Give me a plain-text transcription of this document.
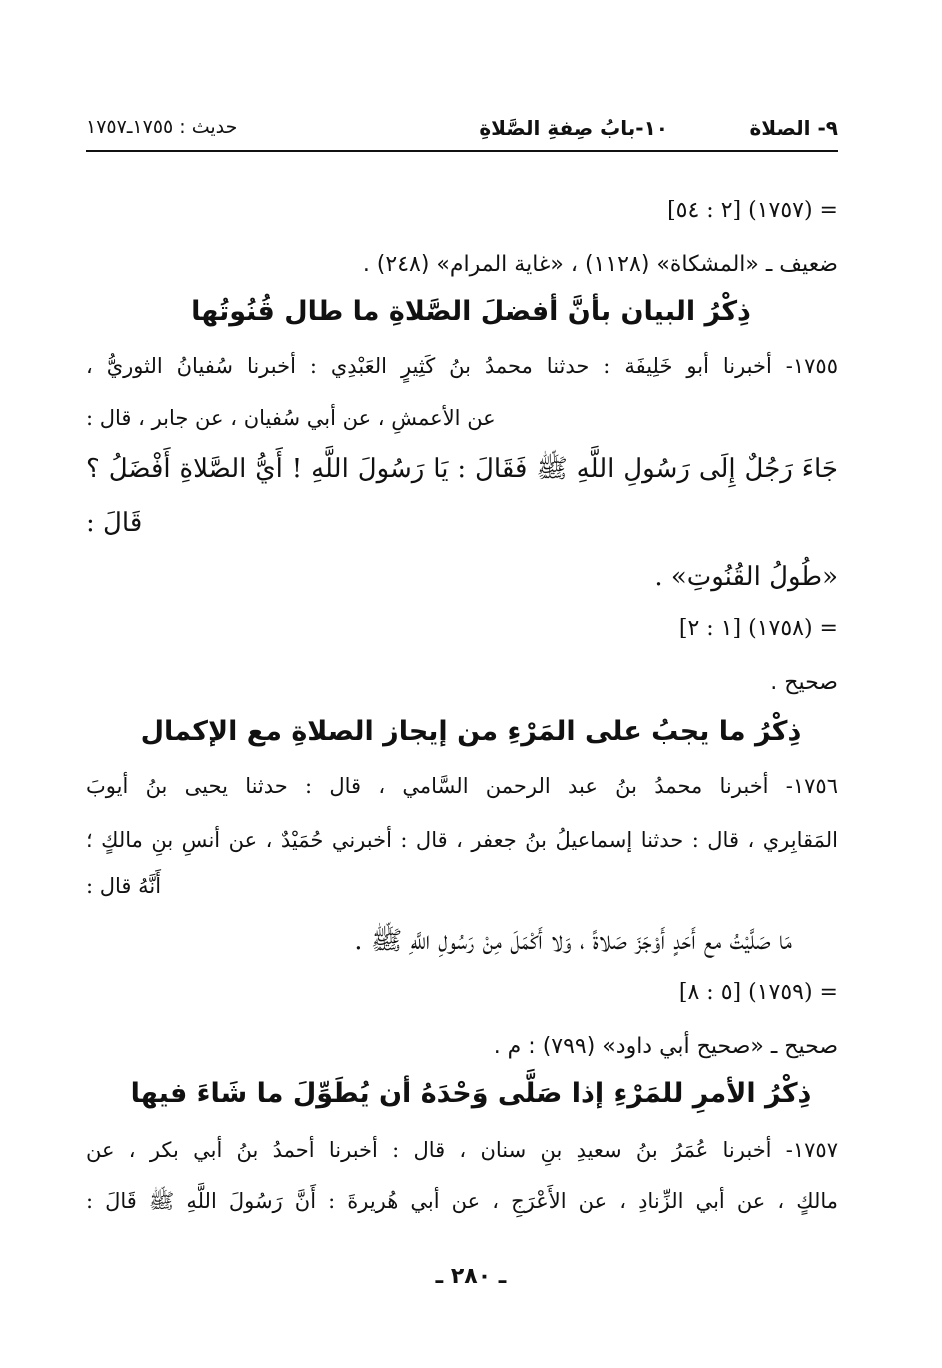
٩- الصلاة
١٠-بابُ صِفةِ الصَّلاةِ
حديث : ١٧٥٥ـ١٧٥٧
= (١٧٥٧) [٢ : ٥٤]
ضعيف ـ «المشكاة» (١١٢٨) ، «غاية المرام» (٢٤٨) .
ذِكْرُ البيان بأنَّ أفضلَ الصَّلاةِ ما طال قُنُوتُها
١٧٥٥- أخبرنا أبو خَلِيفَة : حدثنا محمدُ بنُ كَثِيرٍ العَبْدِي : أخبرنا سُفيانُ الثوريُّ ،
عن الأعمشِ ، عن أبي سُفيان ، عن جابر ، قال :
جَاءَ رَجُلٌ إِلَى رَسُولِ اللَّهِ ﷺ فَقَالَ : يَا رَسُولَ اللَّهِ ! أَيُّ الصَّلاةِ أَفْضَلُ ؟
قَالَ :
«طُولُ القُنُوتِ» .
= (١٧٥٨) [١ : ٢]
صحيح .
ذِكْرُ ما يجبُ على المَرْءِ من إيجاز الصلاةِ مع الإكمال
١٧٥٦- أخبرنا محمدُ بنُ عبد الرحمن السَّامي ، قال : حدثنا يحيى بنُ أيوبَ
المَقابِري ، قال : حدثنا إسماعيلُ بنُ جعفر ، قال : أخبرني حُمَيْدٌ ، عن أنسِ بنِ مالكٍ ؛
أَنَّهُ قال :
مَا صَلَّيْتُ مع أَحَدٍ أَوْجَزَ صَلاةً ، وَلا أَكْمَلَ مِنْ رَسُولِ اللَّهِ ﷺ .
= (١٧٥٩) [٥ : ٨]
صحيح ـ «صحيح أبي داود» (٧٩٩) : م .
ذِكْرُ الأمرِ للمَرْءِ إذا صَلَّى وَحْدَهُ أن يُطَوِّلَ ما شَاءَ فيها
١٧٥٧- أخبرنا عُمَرُ بنُ سعيدِ بنِ سنان ، قال : أخبرنا أحمدُ بنُ أبي بكر ، عن
مالكٍ ، عن أبي الزِّنادِ ، عن الأَعْرَجِ ، عن أبي هُريرةَ : أَنَّ رَسُولَ اللَّهِ ﷺ قَالَ :
ـ ٢٨٠ ـ
